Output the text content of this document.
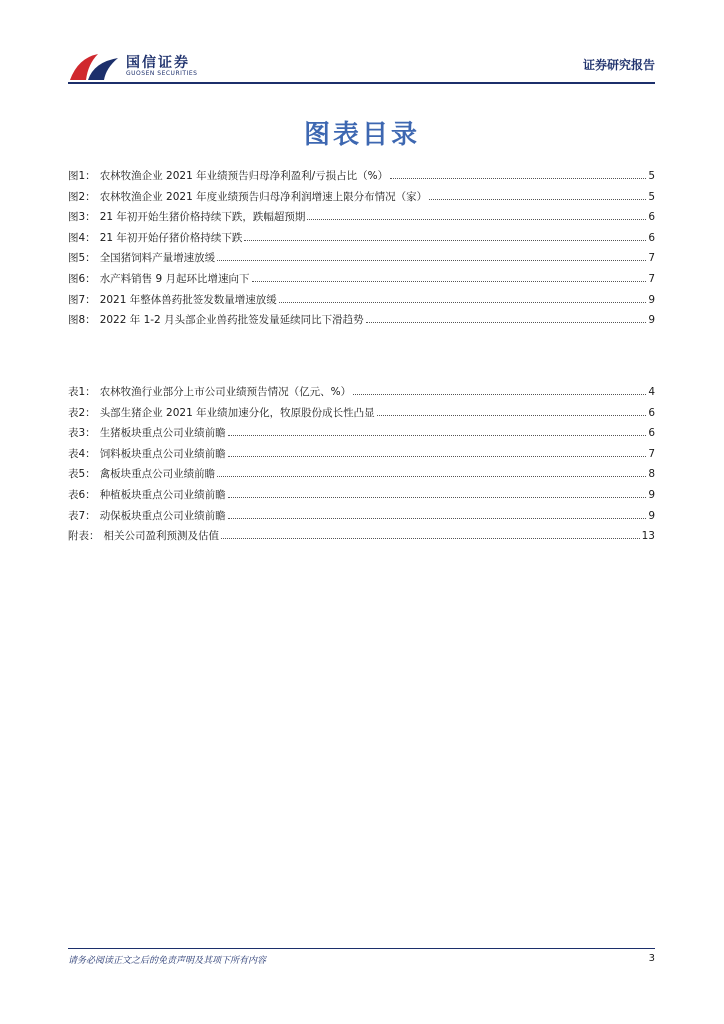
国信证券
GUOSEN SECURITIES
证券研究报告
图表目录
图1： 农林牧渔企业 2021 年业绩预告归母净利盈利/亏损占比（%）	5
图2： 农林牧渔企业 2021 年度业绩预告归母净利润增速上限分布情况（家）	5
图3： 21 年初开始生猪价格持续下跌，跌幅超预期	6
图4： 21 年初开始仔猪价格持续下跌	6
图5： 全国猪饲料产量增速放缓	7
图6： 水产料销售 9 月起环比增速向下	7
图7： 2021 年整体兽药批签发数量增速放缓	9
图8： 2022 年 1-2 月头部企业兽药批签发量延续同比下滑趋势	9
表1： 农林牧渔行业部分上市公司业绩预告情况（亿元、%）	4
表2： 头部生猪企业 2021 年业绩加速分化，牧原股份成长性凸显	6
表3： 生猪板块重点公司业绩前瞻	6
表4： 饲料板块重点公司业绩前瞻	7
表5： 禽板块重点公司业绩前瞻	8
表6： 种植板块重点公司业绩前瞻	9
表7： 动保板块重点公司业绩前瞻	9
附表： 相关公司盈利预测及估值	13
请务必阅读正文之后的免责声明及其项下所有内容	3
